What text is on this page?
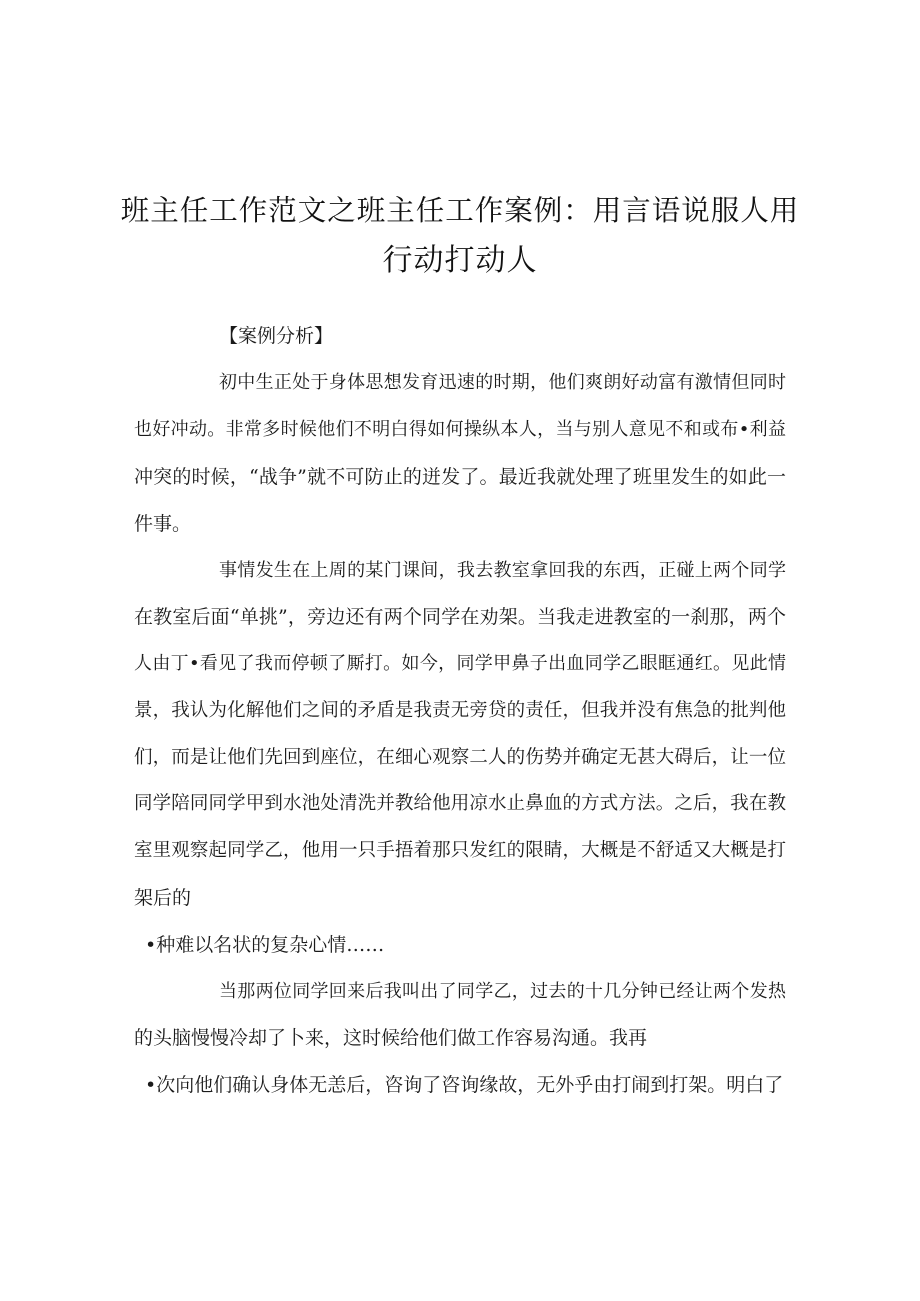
班主任工作范文之班主任工作案例：用言语说服人用
行动打动人
【案例分析】
初中生正处于身体思想发育迅速的时期，他们爽朗好动富有激情但同时
也好冲动。非常多时候他们不明白得如何操纵本人，当与别人意见不和或布•利益
冲突的时候，“战争”就不可防止的迸发了。最近我就处理了班里发生的如此一
件事。
事情发生在上周的某门课间，我去教室拿回我的东西，正碰上两个同学
在教室后面“单挑”，旁边还有两个同学在劝架。当我走进教室的一刹那，两个
人由丁•看见了我而停顿了厮打。如今，同学甲鼻子出血同学乙眼眶通红。见此情
景，我认为化解他们之间的矛盾是我责无旁贷的责任，但我并没有焦急的批判他
们，而是让他们先回到座位，在细心观察二人的伤势并确定无甚大碍后，让一位
同学陪同同学甲到水池处清洗并教给他用凉水止鼻血的方式方法。之后，我在教
室里观察起同学乙，他用一只手捂着那只发红的限睛，大概是不舒适又大概是打
架后的
•种难以名状的复杂心情……
当那两位同学回来后我叫出了同学乙，过去的十几分钟已经让两个发热
的头脑慢慢冷却了卜来，这时候给他们做工作容易沟通。我再
•次向他们确认身体无恙后，咨询了咨询缘故，无外乎由打闹到打架。明白了
